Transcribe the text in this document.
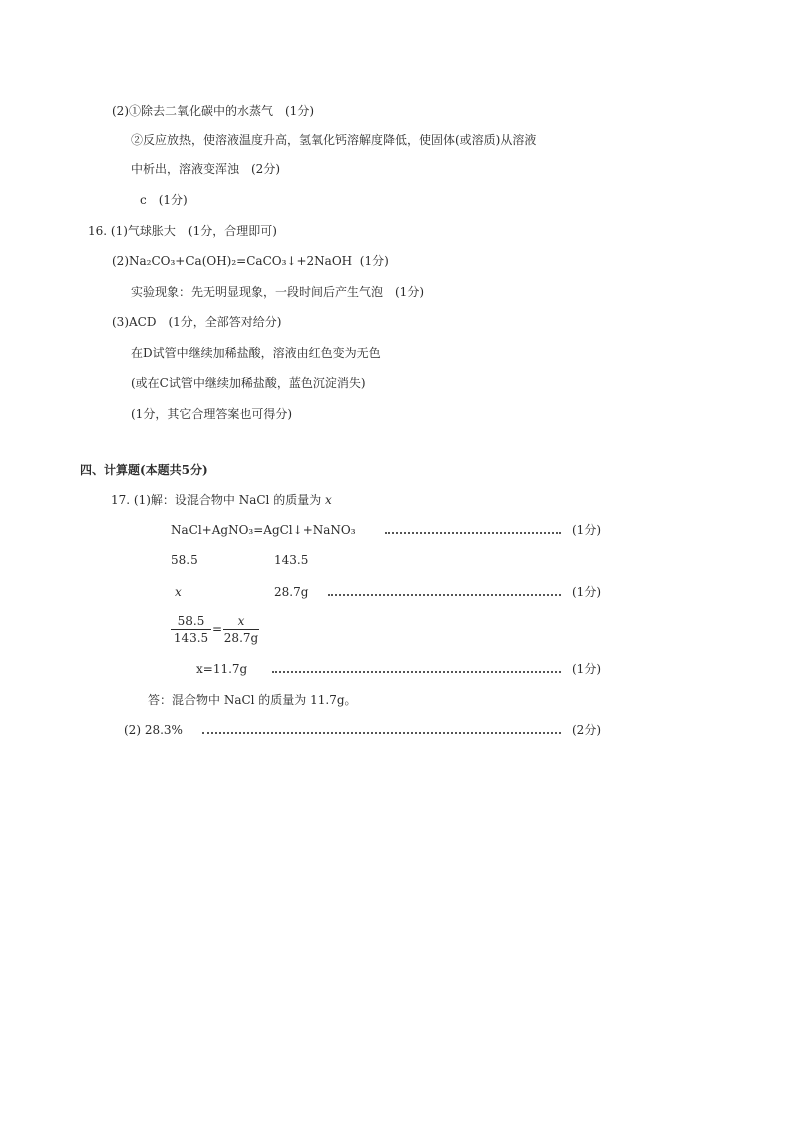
(2)①除去二氧化碳中的水蒸气　(1分)
②反应放热，使溶液温度升高，氢氧化钙溶解度降低，使固体(或溶质)从溶液
中析出，溶液变浑浊　(2分)
c　(1分)
16. (1)气球胀大　(1分，合理即可)
(2)Na₂CO₃+Ca(OH)₂=CaCO₃↓+2NaOH (1分)
实验现象：先无明显现象，一段时间后产生气泡　(1分)
(3)ACD　(1分，全部答对给分)
在D试管中继续加稀盐酸，溶液由红色变为无色
(或在C试管中继续加稀盐酸，蓝色沉淀消失)
(1分，其它合理答案也可得分)
四、计算题(本题共5分)
17. (1)解：设混合物中 NaCl 的质量为 x
NaCl+AgNO₃=AgCl↓+NaNO₃	(1分)
58.5	143.5
x	28.7g	(1分)
58.5
143.5
=
x
28.7g
x=11.7g	(1分)
答：混合物中 NaCl 的质量为 11.7g。
(2) 28.3%	(2分)
